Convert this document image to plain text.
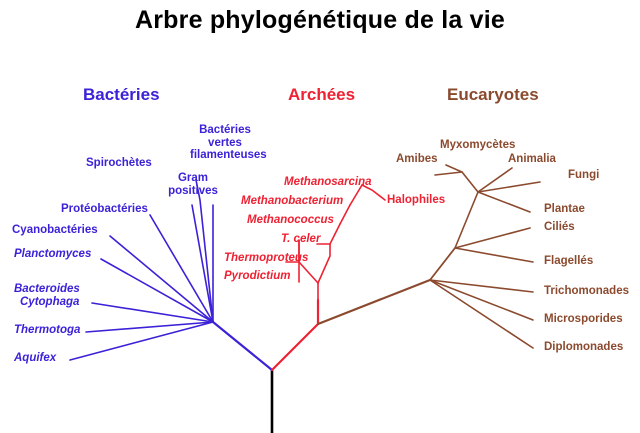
Arbre phylogénétique de la vie
Bactéries	Archées	Eucaryotes
Bactéries
vertes
filamenteuses
Spirochètes
Gram
positives
Protéobactéries
Cyanobactéries
Planctomyces
Bacteroides
Cytophaga
Thermotoga
Aquifex
Methanosarcina
Methanobacterium
Methanococcus
T. celer
Thermoproteus
Pyrodictium
Halophiles
Myxomycètes
Amibes	Animalia
Fungi
Plantae
Ciliés
Flagellés
Trichomonades
Microsporides
Diplomonades
